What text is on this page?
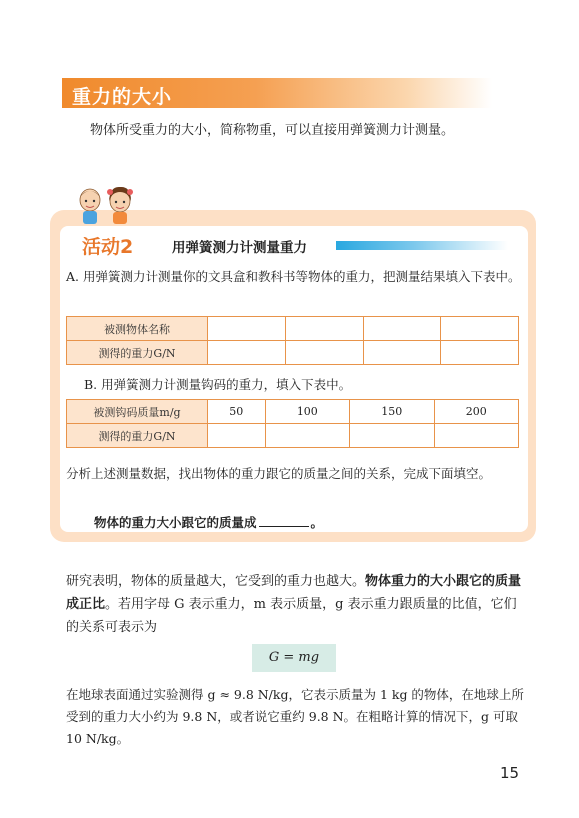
重力的大小
物体所受重力的大小，简称物重，可以直接用弹簧测力计测量。
活动2	用弹簧测力计测量重力
A. 用弹簧测力计测量你的文具盒和教科书等物体的重力，把测量结果填入下表中。
被测物体名称				
测得的重力G/N				
B. 用弹簧测力计测量钩码的重力，填入下表中。
被测钩码质量m/g	50	100	150	200
测得的重力G/N				
分析上述测量数据，找出物体的重力跟它的质量之间的关系，完成下面填空。
物体的重力大小跟它的质量成	。
研究表明，物体的质量越大，它受到的重力也越大。物体重力的大小跟它的质量成正比。若用字母 G 表示重力，m 表示质量，g 表示重力跟质量的比值，它们的关系可表示为
G = mg
在地球表面通过实验测得 g ≈ 9.8 N/kg，它表示质量为 1 kg 的物体，在地球上所受到的重力大小约为 9.8 N，或者说它重约 9.8 N。在粗略计算的情况下，g 可取 10 N/kg。
15
